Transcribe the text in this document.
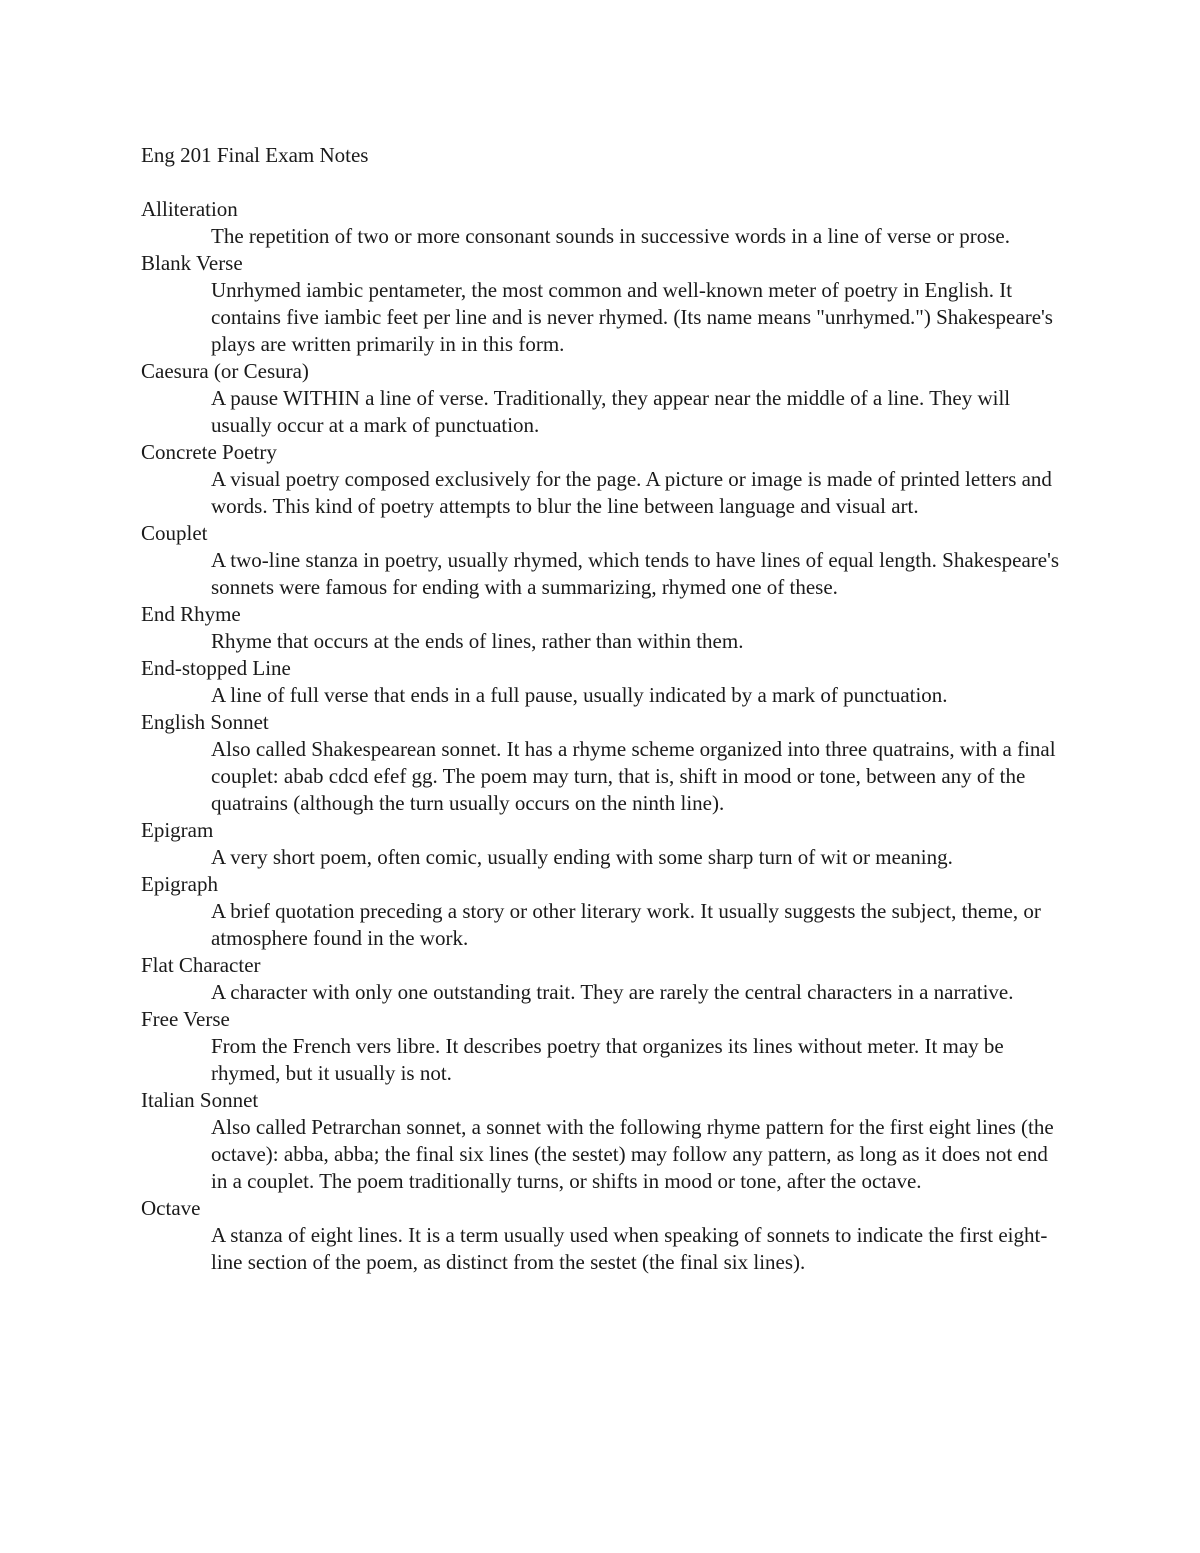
Eng 201 Final Exam Notes

Alliteration

The repetition of two or more consonant sounds in successive words in a line of verse or prose.

Blank Verse

Unrhymed iambic pentameter, the most common and well-known meter of poetry in English. It contains five iambic feet per line and is never rhymed. (Its name means "unrhymed.") Shakespeare's plays are written primarily in in this form.

Caesura (or Cesura)

A pause WITHIN a line of verse. Traditionally, they appear near the middle of a line. They will usually occur at a mark of punctuation.

Concrete Poetry

A visual poetry composed exclusively for the page. A picture or image is made of printed letters and words. This kind of poetry attempts to blur the line between language and visual art.

Couplet

A two-line stanza in poetry, usually rhymed, which tends to have lines of equal length. Shakespeare's sonnets were famous for ending with a summarizing, rhymed one of these.

End Rhyme

Rhyme that occurs at the ends of lines, rather than within them.

End-stopped Line

A line of full verse that ends in a full pause, usually indicated by a mark of punctuation.

English Sonnet

Also called Shakespearean sonnet. It has a rhyme scheme organized into three quatrains, with a final couplet: abab cdcd efef gg. The poem may turn, that is, shift in mood or tone, between any of the quatrains (although the turn usually occurs on the ninth line).

Epigram

A very short poem, often comic, usually ending with some sharp turn of wit or meaning.

Epigraph

A brief quotation preceding a story or other literary work. It usually suggests the subject, theme, or atmosphere found in the work.

Flat Character

A character with only one outstanding trait. They are rarely the central characters in a narrative.

Free Verse

From the French vers libre. It describes poetry that organizes its lines without meter. It may be rhymed, but it usually is not.

Italian Sonnet

Also called Petrarchan sonnet, a sonnet with the following rhyme pattern for the first eight lines (the octave): abba, abba; the final six lines (the sestet) may follow any pattern, as long as it does not end in a couplet. The poem traditionally turns, or shifts in mood or tone, after the octave.

Octave

A stanza of eight lines. It is a term usually used when speaking of sonnets to indicate the first eight-line section of the poem, as distinct from the sestet (the final six lines).
